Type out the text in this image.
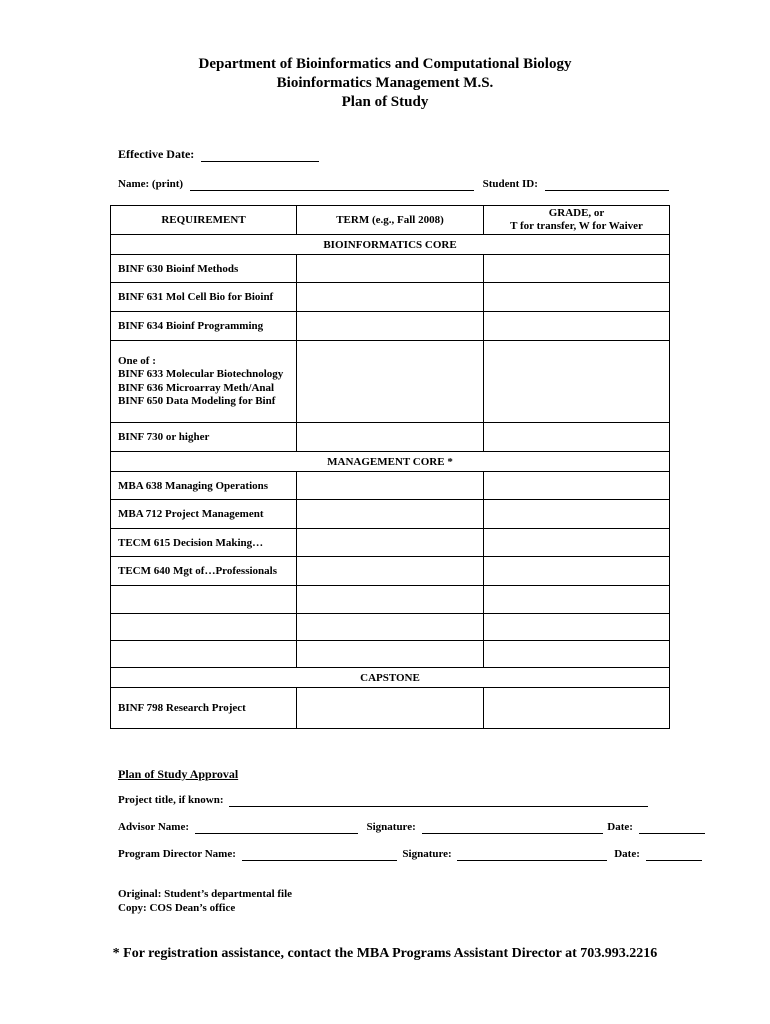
Department of Bioinformatics and Computational Biology
Bioinformatics Management M.S.
Plan of Study
Effective Date:
Name: (print)	Student ID:
REQUIREMENT	TERM (e.g., Fall 2008)	GRADE, or
T for transfer, W for Waiver

BIOINFORMATICS CORE		
BINF 630 Bioinf Methods		
BINF 631 Mol Cell Bio for Bioinf		
BINF 634 Bioinf Programming		

One of :
BINF 633 Molecular Biotechnology
BINF 636 Microarray Meth/Anal
BINF 650 Data Modeling for Binf

BINF 730 or higher		
MANAGEMENT CORE *		
MBA 638 Managing Operations		
MBA 712 Project Management		
TECM 615 Decision Making…		
TECM 640 Mgt of…Professionals		

CAPSTONE		
BINF 798 Research Project		
Plan of Study Approval
Project title, if known:
Advisor Name:	Signature:	Date:
Program Director Name:	Signature:	Date:
Original: Student’s departmental file
Copy: COS Dean’s office
* For registration assistance, contact the MBA Programs Assistant Director at 703.993.2216
